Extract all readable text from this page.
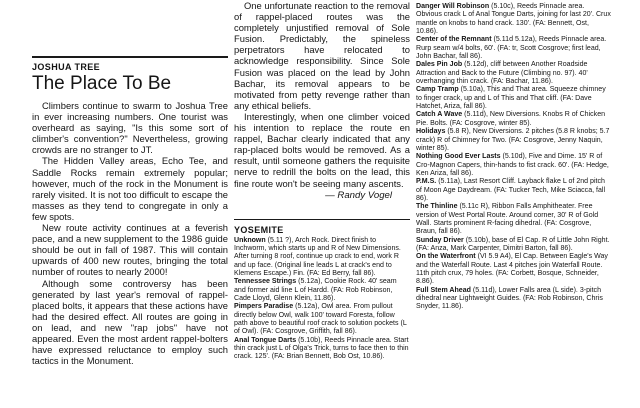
JOSHUA TREE
The Place To Be

Climbers continue to swarm to Joshua Tree in ever increasing numbers. One tourist was overheard as saying, "Is this some sort of climber's convention?" Nevertheless, growing crowds are no stranger to JT.

The Hidden Valley areas, Echo Tee, and Saddle Rocks remain extremely popular; however, much of the rock in the Monument is rarely visited. It is not too difficult to escape the masses as they tend to congregate in only a few spots.

New route activity continues at a feverish pace, and a new supplement to the 1986 guide should be out in fall of 1987. This will contain upwards of 400 new routes, bringing the total number of routes to nearly 2000!

Although some controversy has been generated by last year's removal of rappel-placed bolts, it appears that these actions have had the desired effect. All routes are going in on lead, and new "rap jobs" have not appeared. Even the most ardent rappel-bolters have expressed reluctance to employ such tactics in the Monument.

One unfortunate reaction to the removal of rappel-placed routes was the completely unjustified removal of Sole Fusion. Predictably, the spineless perpetrators have relocated to acknowledge responsibility. Since Sole Fusion was placed on the lead by John Bachar, its removal appears to be motivated from petty revenge rather than any ethical beliefs.

Interestingly, when one climber voiced his intention to replace the route en rappel, Bachar clearly indicated that any rap-placed bolts would be removed. As a result, until someone gathers the requisite nerve to redrill the bolts on the lead, this fine route won't be seeing many ascents.

— Randy Vogel
YOSEMITE

Unknown (5.11 ?), Arch Rock. Direct finish to Inchworm, which starts up and R of New Dimensions. After turning 8 roof, continue up crack to end, work R and up face. (Original line leads L at crack's end to Klemens Escape.) Fin. (FA: Ed Berry, fall 86).

Tennessee Strings (5.12a), Cookie Rock. 40' seam and former aid line L of Hardd. (FA: Rob Robinson, Cade Lloyd, Glenn Klein, 11.86).

Pimpers Paradise (5.12a), Owl area. From pullout directly below Owl, walk 100' toward Foresta, follow path above to beautiful roof crack to solution pockets (L of Owl). (FA: Cosgrove, Griffith, fall 86).

Anal Tongue Darts (5.10b), Reeds Pinnacle area. Start thin crack just L of Olga's Trick, turns to face then to thin crack. 125'. (FA: Brian Bennett, Bob Ost, 10.86).

Danger Will Robinson (5.10c), Reeds Pinnacle area. Obvious crack L of Anal Tongue Darts, joining for last 20'. Crux mantle on knobs to hand crack. 130'. (FA: Bennett, Ost, 10.86).

Center of the Remnant (5.11d 5.12a), Reeds Pinnacle area. Rurp seam w/4 bolts, 60'. (FA: tr, Scott Cosgrove; first lead, John Bachar, fall 86).

Dales Pin Job (5.12d), cliff between Another Roadside Attraction and Back to the Future (Climbing no. 97). 40' overhanging thin crack. (FA: Bachar, 11.86).

Camp Tramp (5.10a), This and That area. Squeeze chimney to finger crack, up and L of This and That cliff. (FA: Dave Hatchet, Ariza, fall 86).

Catch A Wave (5.11d), New Diversions. Knobs R of Chicken Pie. Bolts. (FA: Cosgrove, winter 85).

Holidays (5.8 R), New Diversions. 2 pitches (5.8 R knobs; 5.7 crack) R of Chimney for Two. (FA: Cosgrove, Jenny Naquin, winter 85).

Nothing Good Ever Lasts (5.10d), Five and Dime. 15' R of Cro-Magnon Capers, thin-hands to fist crack. 60'. (FA: Hedge, Ken Ariza, fall 86).

P.M.S. (5.11a), Last Resort Cliff. Layback flake L of 2nd pitch of Moon Age Daydream. (FA: Tucker Tech, Mike Sciacca, fall 86).

The Thinline (5.11c R), Ribbon Falls Amphitheater. Free version of West Portal Route. Around corner, 30' R of Gold Wall. Starts prominent R-facing dihedral. (FA: Cosgrove, Braun, fall 86).

Sunday Driver (5.10b), base of El Cap. R of Little John Right. (FA: Anza, Mark Carpenter, Dimitri Barton, fall 86).

On the Waterfront (VI 5.9 A4), El Cap. Between Eagle's Way and the Waterfall Route. Last 4 pitches join Waterfall Route. 11th pitch crux, 79 holes. (FA: Corbett, Bosque, Schneider, 8.86).

Full Stem Ahead (5.11d), Lower Falls area (L side). 3-pitch dihedral near Lightweight Guides. (FA: Rob Robinson, Chris Snyder, 11.86).
